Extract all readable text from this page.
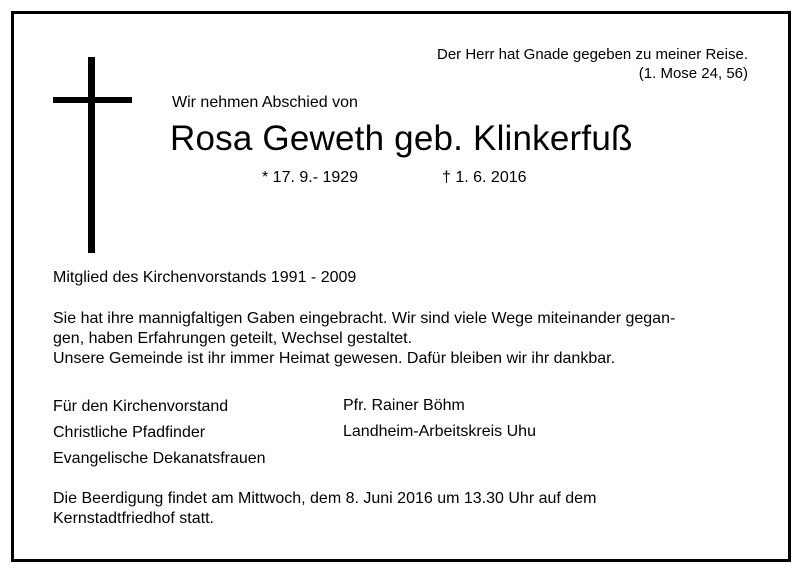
Der Herr hat Gnade gegeben zu meiner Reise.
(1. Mose 24, 56)
Wir nehmen Abschied von
Rosa Geweth geb. Klinkerfuß
* 17. 9.- 1929	† 1. 6. 2016
Mitglied des Kirchenvorstands 1991 - 2009
Sie hat ihre mannigfaltigen Gaben eingebracht. Wir sind viele Wege miteinander gegan-
gen, haben Erfahrungen geteilt, Wechsel gestaltet.
Unsere Gemeinde ist ihr immer Heimat gewesen. Dafür bleiben wir ihr dankbar.
Für den Kirchenvorstand
Christliche Pfadfinder
Evangelische Dekanatsfrauen
Pfr. Rainer Böhm
Landheim-Arbeitskreis Uhu
Die Beerdigung findet am Mittwoch, dem 8. Juni 2016 um 13.30 Uhr auf dem
Kernstadtfriedhof statt.
